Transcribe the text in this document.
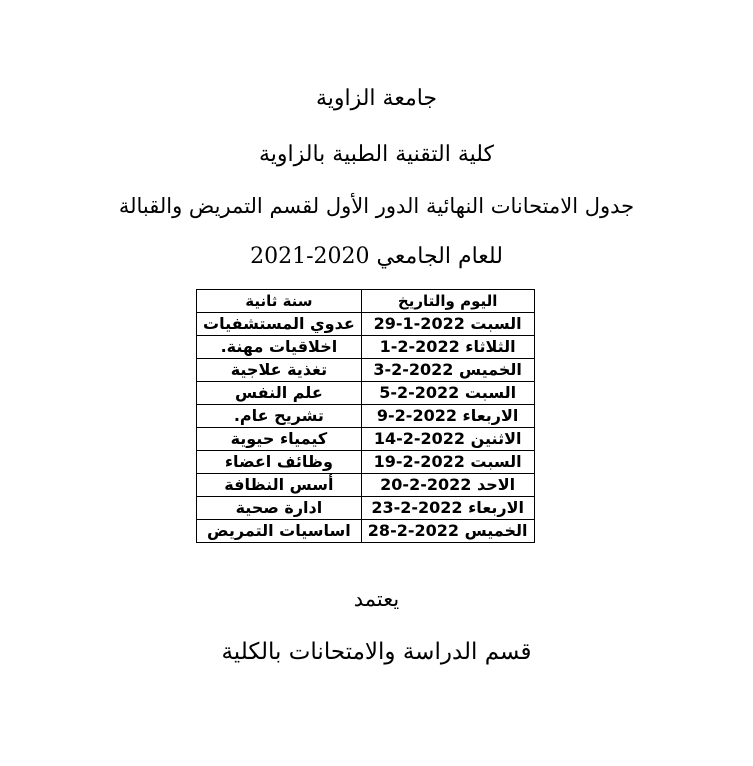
جامعة الزاوية
كلية التقنية الطبية بالزاوية
جدول الامتحانات النهائية الدور الأول لقسم التمريض والقبالة
للعام الجامعي 2020-2021
اليوم والتاريخ	سنة ثانية
السبت 29-1-2022	عدوي المستشفيات
الثلاثاء 1-2-2022	اخلاقيات مهنة.
الخميس 3-2-2022	تغذية علاجية
السبت 5-2-2022	علم النفس
الاربعاء 9-2-2022	تشريح عام.
الاثنين 14-2-2022	كيمياء حيوية
السبت 19-2-2022	وظائف اعضاء
الاحد 20-2-2022	أسس النظافة
الاربعاء 23-2-2022	ادارة صحية
الخميس 28-2-2022	اساسيات التمريض
يعتمد
قسم الدراسة والامتحانات بالكلية
